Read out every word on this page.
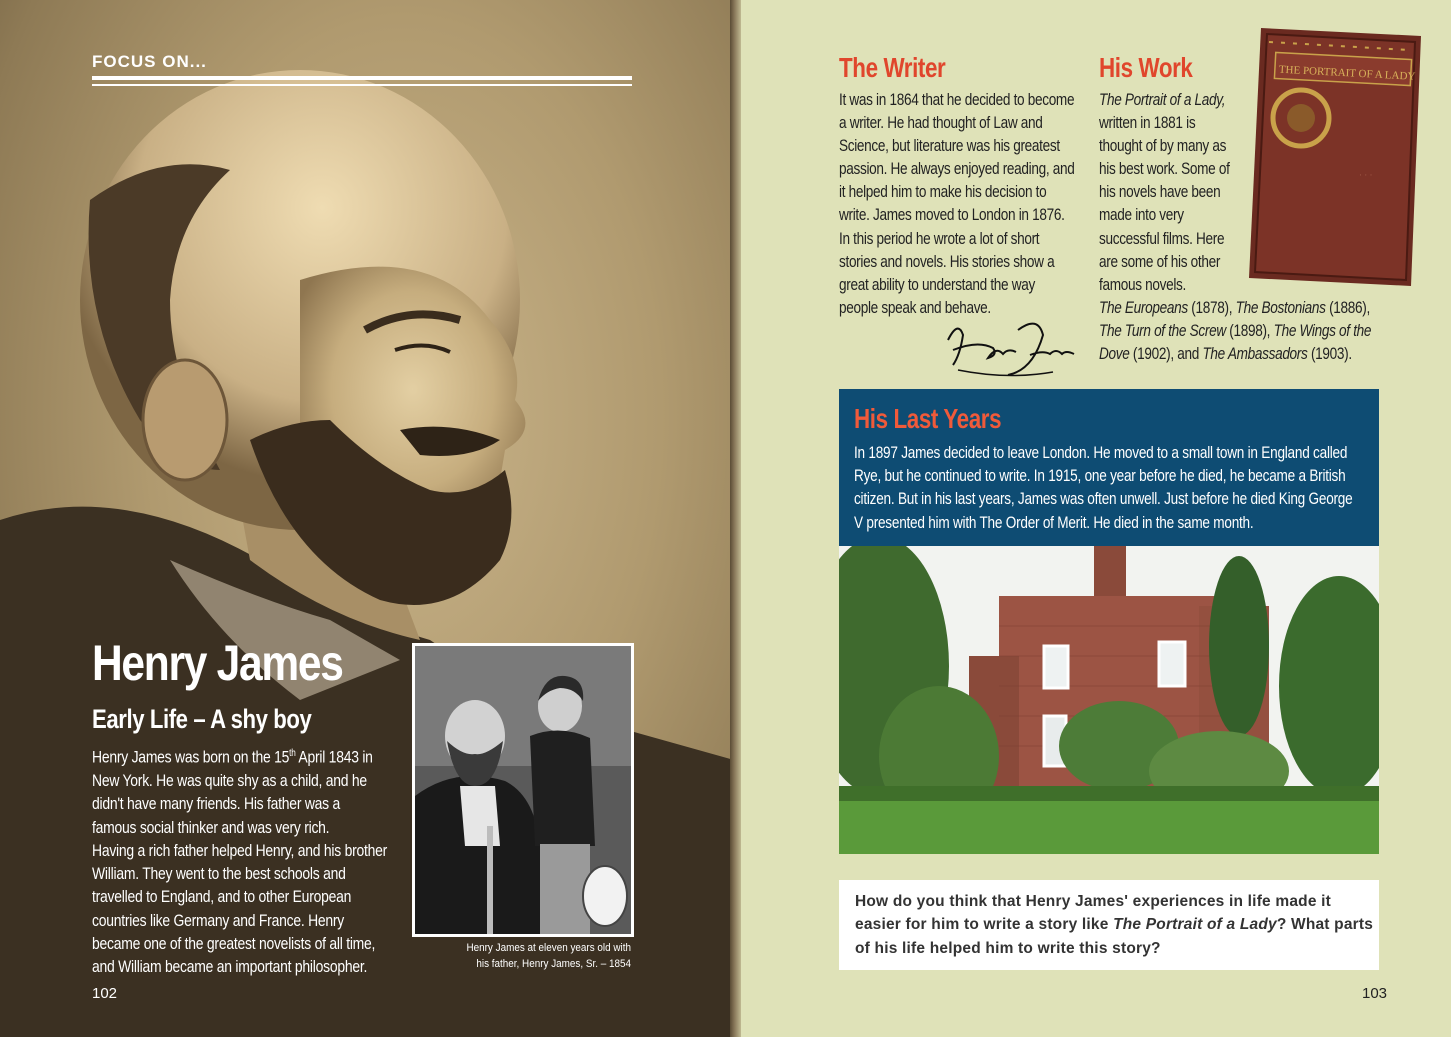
FOCUS ON...
Henry James
Early Life – A shy boy

Henry James was born on the 15th April 1843 in New York. He was quite shy as a child, and he didn't have many friends. His father was a famous social thinker and was very rich.

Having a rich father helped Henry, and his brother William. They went to the best schools and travelled to England, and to other European countries like Germany and France. Henry became one of the greatest novelists of all time, and William became an important philosopher.

Henry James at eleven years old with
his father, Henry James, Sr. – 1854
102
The Writer

It was in 1864 that he decided to become a writer. He had thought of Law and Science, but literature was his greatest passion. He always enjoyed reading, and it helped him to make his decision to write. James moved to London in 1876. In this period he wrote a lot of short stories and novels. His stories show a great ability to understand the way people speak and behave.

His Work

The Portrait of a Lady, written in 1881 is thought of by many as his best work. Some of his novels have been made into very successful films. Here are some of his other famous novels.

The Europeans (1878), The Bostonians (1886), The Turn of the Screw (1898), The Wings of the Dove (1902), and The Ambassadors (1903).

THE PORTRAIT OF A LADY
· · ·
His Last Years

In 1897 James decided to leave London. He moved to a small town in England called Rye, but he continued to write. In 1915, one year before he died, he became a British citizen. But in his last years, James was often unwell. Just before he died King George V presented him with The Order of Merit. He died in the same month.

How do you think that Henry James' experiences in life made it easier for him to write a story like The Portrait of a Lady? What parts of his life helped him to write this story?

103
